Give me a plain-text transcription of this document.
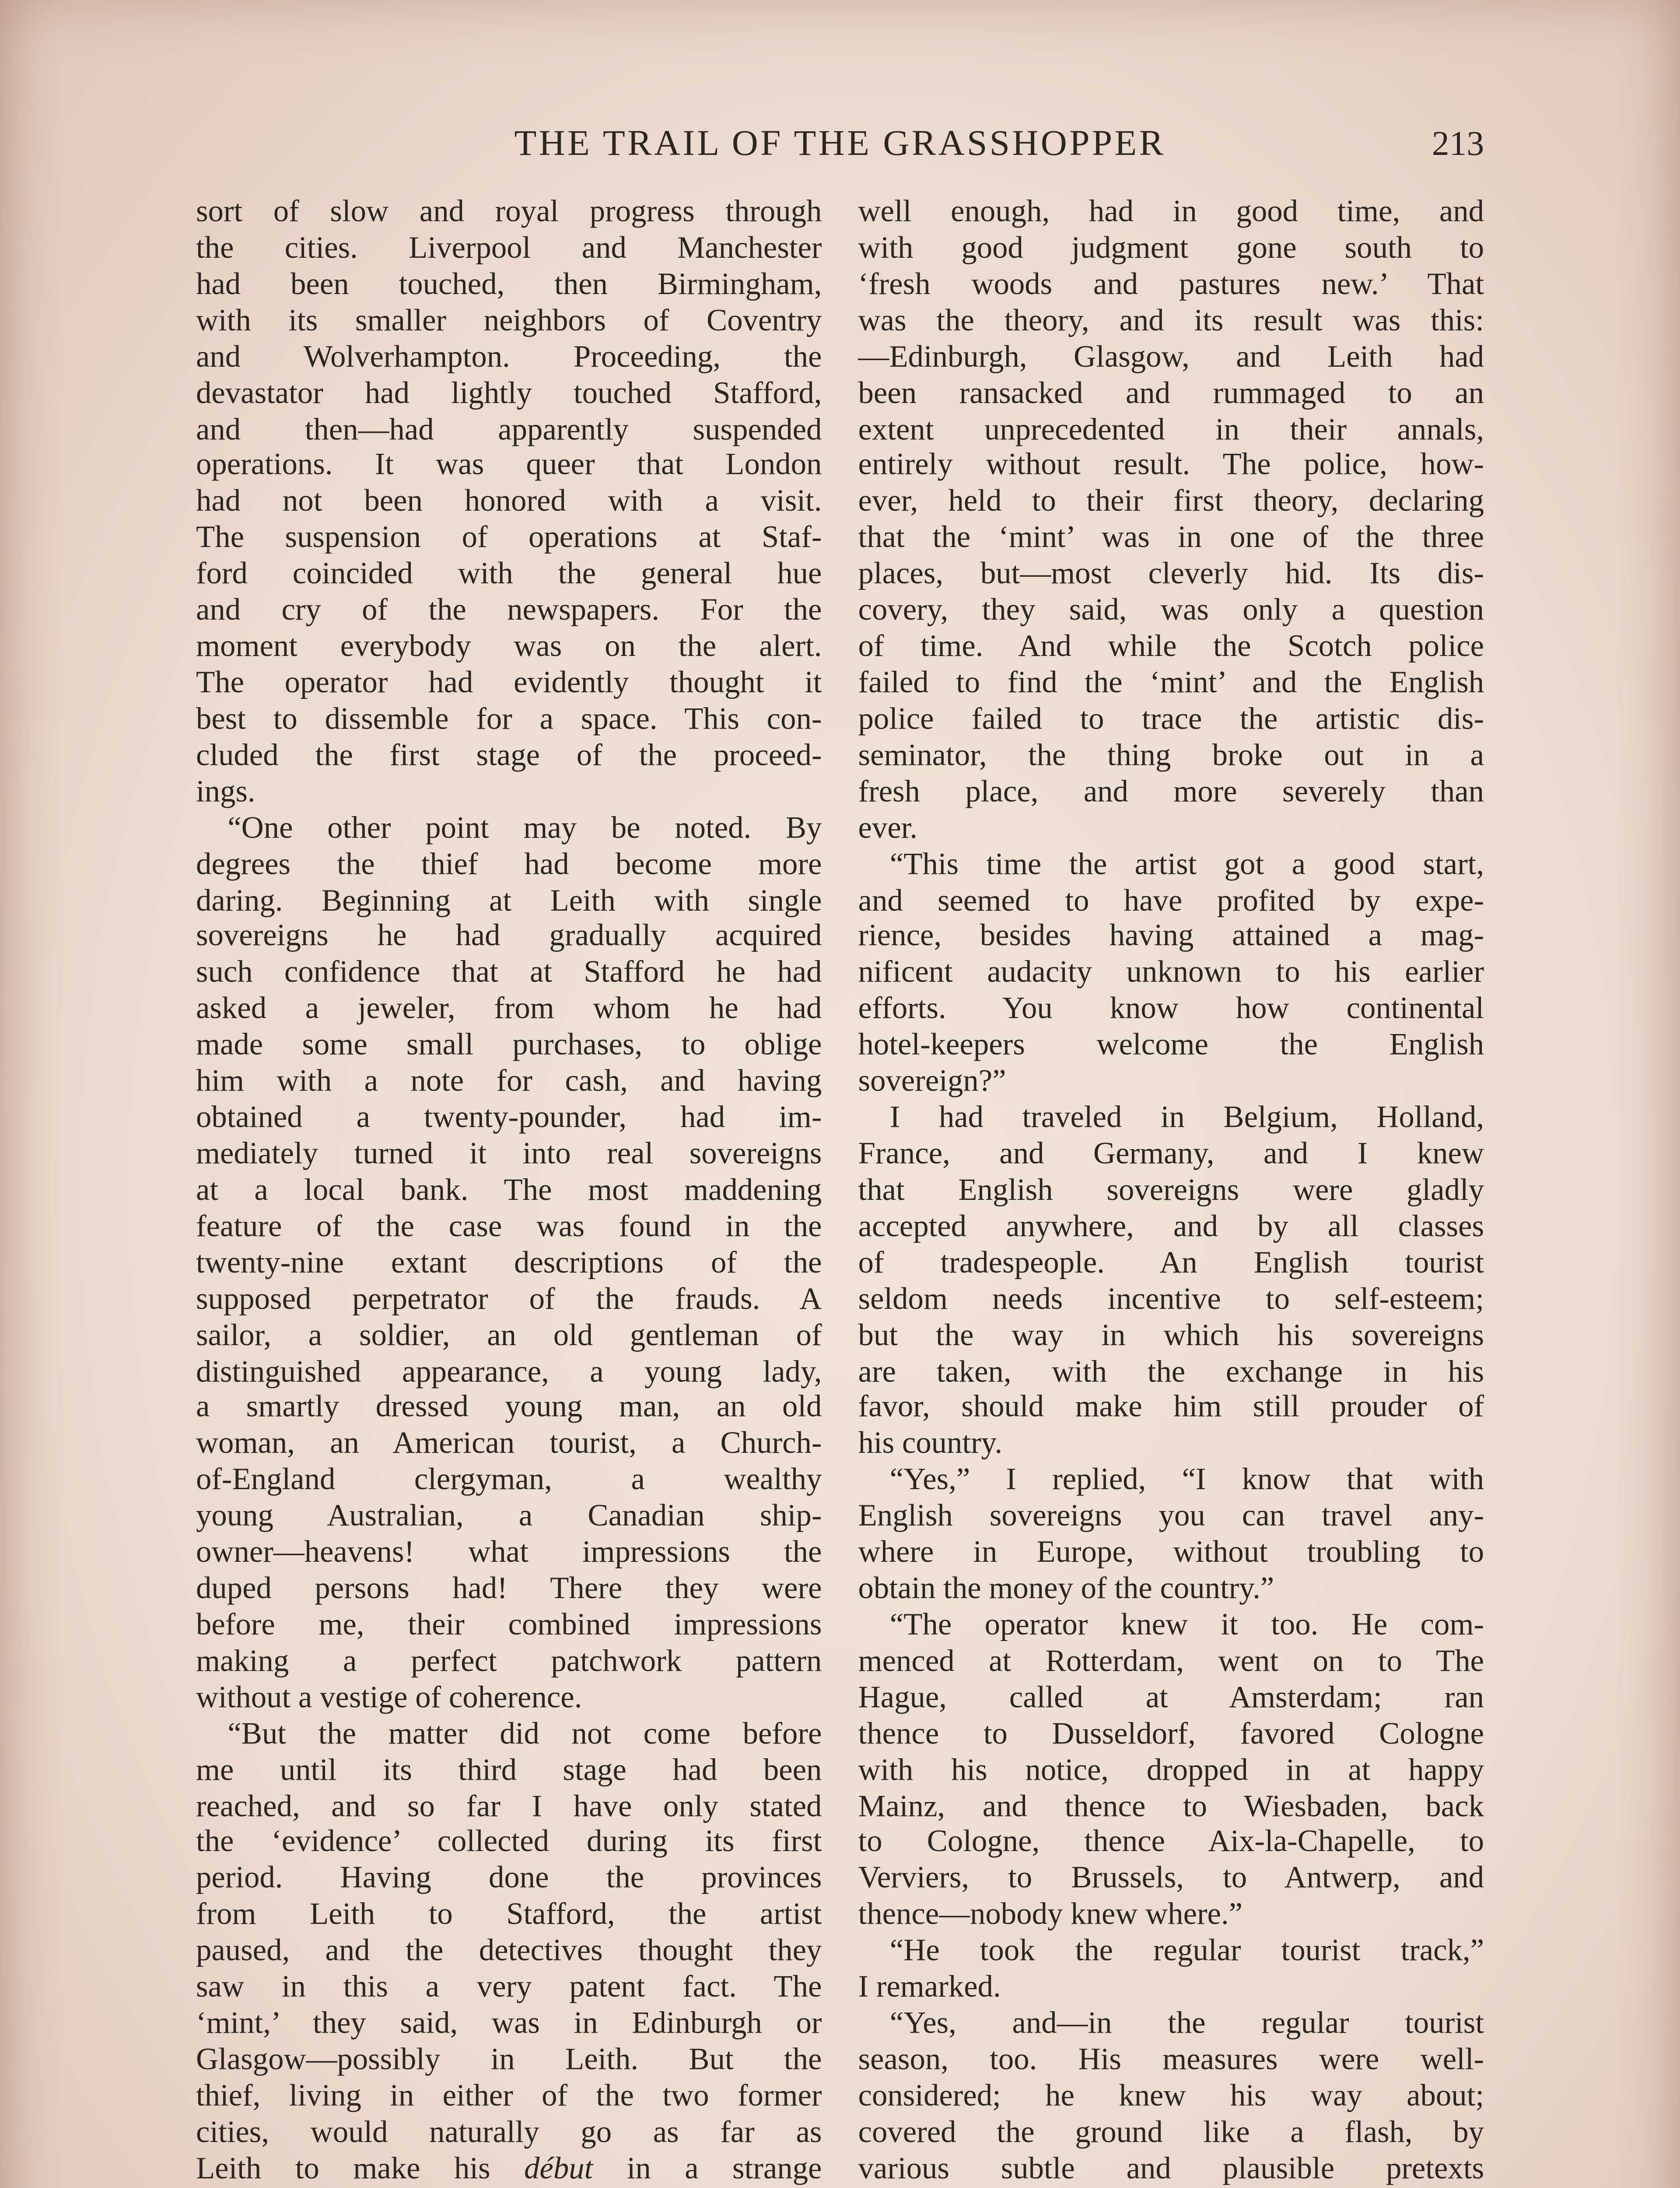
THE TRAIL OF THE GRASSHOPPER	213
sort of slow and royal progress through
the cities. Liverpool and Manchester
had been touched, then Birmingham,
with its smaller neighbors of Coventry
and Wolverhampton. Proceeding, the
devastator had lightly touched Stafford,
and then—had apparently suspended
operations. It was queer that London
had not been honored with a visit.
The suspension of operations at Staf-
ford coincided with the general hue
and cry of the newspapers. For the
moment everybody was on the alert.
The operator had evidently thought it
best to dissemble for a space. This con-
cluded the first stage of the proceed-
ings.
“One other point may be noted. By
degrees the thief had become more
daring. Beginning at Leith with single
sovereigns he had gradually acquired
such confidence that at Stafford he had
asked a jeweler, from whom he had
made some small purchases, to oblige
him with a note for cash, and having
obtained a twenty-pounder, had im-
mediately turned it into real sovereigns
at a local bank. The most maddening
feature of the case was found in the
twenty-nine extant descriptions of the
supposed perpetrator of the frauds. A
sailor, a soldier, an old gentleman of
distinguished appearance, a young lady,
a smartly dressed young man, an old
woman, an American tourist, a Church-
of-England clergyman, a wealthy
young Australian, a Canadian ship-
owner—heavens! what impressions the
duped persons had! There they were
before me, their combined impressions
making a perfect patchwork pattern
without a vestige of coherence.
“But the matter did not come before
me until its third stage had been
reached, and so far I have only stated
the ‘evidence’ collected during its first
period. Having done the provinces
from Leith to Stafford, the artist
paused, and the detectives thought they
saw in this a very patent fact. The
‘mint,’ they said, was in Edinburgh or
Glasgow—possibly in Leith. But the
thief, living in either of the two former
cities, would naturally go as far as
Leith to make his début in a strange
well enough, had in good time, and
with good judgment gone south to
‘fresh woods and pastures new.’ That
was the theory, and its result was this:
—Edinburgh, Glasgow, and Leith had
been ransacked and rummaged to an
extent unprecedented in their annals,
entirely without result. The police, how-
ever, held to their first theory, declaring
that the ‘mint’ was in one of the three
places, but—most cleverly hid. Its dis-
covery, they said, was only a question
of time. And while the Scotch police
failed to find the ‘mint’ and the English
police failed to trace the artistic dis-
seminator, the thing broke out in a
fresh place, and more severely than
ever.
“This time the artist got a good start,
and seemed to have profited by expe-
rience, besides having attained a mag-
nificent audacity unknown to his earlier
efforts. You know how continental
hotel-keepers welcome the English
sovereign?”
I had traveled in Belgium, Holland,
France, and Germany, and I knew
that English sovereigns were gladly
accepted anywhere, and by all classes
of tradespeople. An English tourist
seldom needs incentive to self-esteem;
but the way in which his sovereigns
are taken, with the exchange in his
favor, should make him still prouder of
his country.
“Yes,” I replied, “I know that with
English sovereigns you can travel any-
where in Europe, without troubling to
obtain the money of the country.”
“The operator knew it too. He com-
menced at Rotterdam, went on to The
Hague, called at Amsterdam; ran
thence to Dusseldorf, favored Cologne
with his notice, dropped in at happy
Mainz, and thence to Wiesbaden, back
to Cologne, thence Aix-la-Chapelle, to
Verviers, to Brussels, to Antwerp, and
thence—nobody knew where.”
“He took the regular tourist track,”
I remarked.
“Yes, and—in the regular tourist
season, too. His measures were well-
considered; he knew his way about;
covered the ground like a flash, by
various subtle and plausible pretexts
